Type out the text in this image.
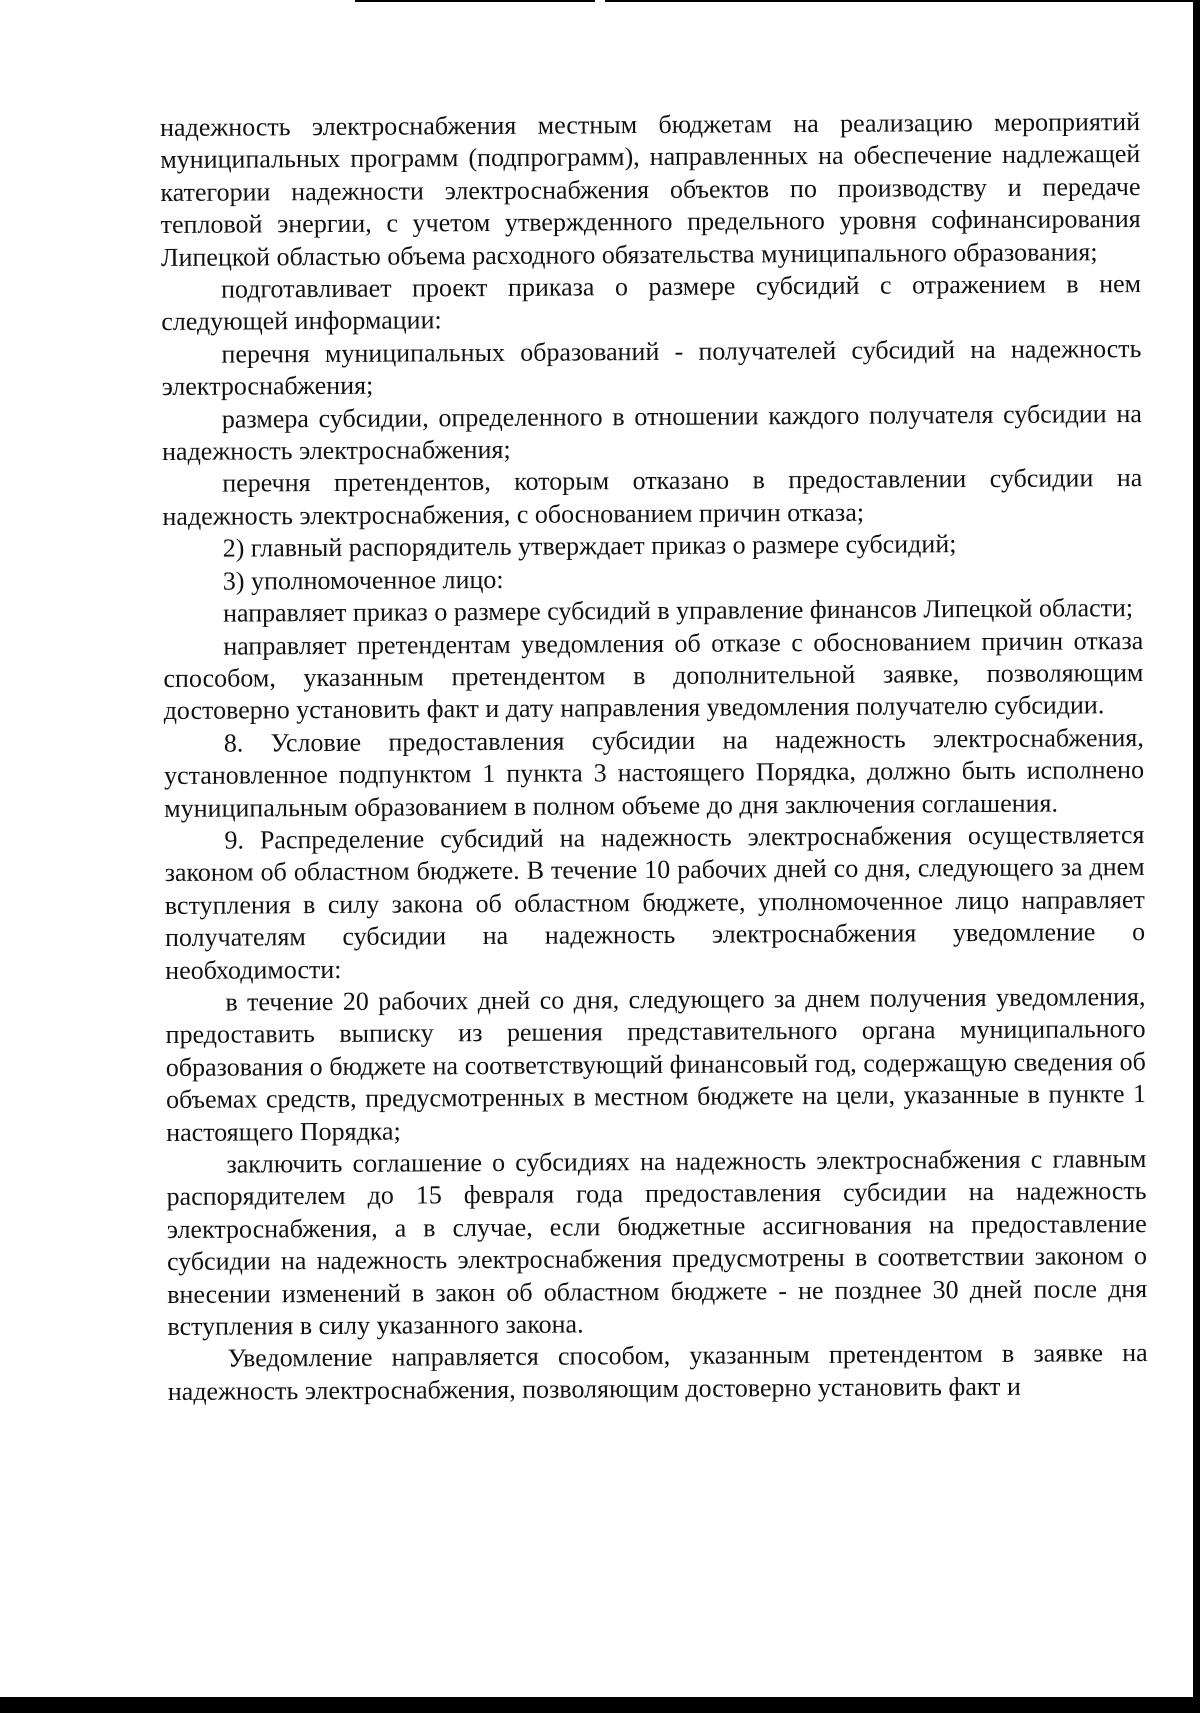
надежность электроснабжения местным бюджетам на реализацию мероприятий муниципальных программ (подпрограмм), направленных на обеспечение надлежащей категории надежности электроснабжения объектов по производству и передаче тепловой энергии, с учетом утвержденного предельного уровня софинансирования Липецкой областью объема расходного обязательства муниципального образования;

подготавливает проект приказа о размере субсидий с отражением в нем следующей информации:

перечня муниципальных образований - получателей субсидий на надежность электроснабжения;

размера субсидии, определенного в отношении каждого получателя субсидии на надежность электроснабжения;

перечня претендентов, которым отказано в предоставлении субсидии на надежность электроснабжения, с обоснованием причин отказа;

2) главный распорядитель утверждает приказ о размере субсидий;

3) уполномоченное лицо:

направляет приказ о размере субсидий в управление финансов Липецкой области;

направляет претендентам уведомления об отказе с обоснованием причин отказа способом, указанным претендентом в дополнительной заявке, позволяющим достоверно установить факт и дату направления уведомления получателю субсидии.

8. Условие предоставления субсидии на надежность электроснабжения, установленное подпунктом 1 пункта 3 настоящего Порядка, должно быть исполнено муниципальным образованием в полном объеме до дня заключения соглашения.

9. Распределение субсидий на надежность электроснабжения осуществляется законом об областном бюджете. В течение 10 рабочих дней со дня, следующего за днем вступления в силу закона об областном бюджете, уполномоченное лицо направляет получателям субсидии на надежность электроснабжения уведомление о необходимости:

в течение 20 рабочих дней со дня, следующего за днем получения уведомления, предоставить выписку из решения представительного органа муниципального образования о бюджете на соответствующий финансовый год, содержащую сведения об объемах средств, предусмотренных в местном бюджете на цели, указанные в пункте 1 настоящего Порядка;

заключить соглашение о субсидиях на надежность электроснабжения с главным распорядителем до 15 февраля года предоставления субсидии на надежность электроснабжения, а в случае, если бюджетные ассигнования на предоставление субсидии на надежность электроснабжения предусмотрены в соответствии законом о внесении изменений в закон об областном бюджете - не позднее 30 дней после дня вступления в силу указанного закона.

Уведомление направляется способом, указанным претендентом в заявке на надежность электроснабжения, позволяющим достоверно установить факт и
